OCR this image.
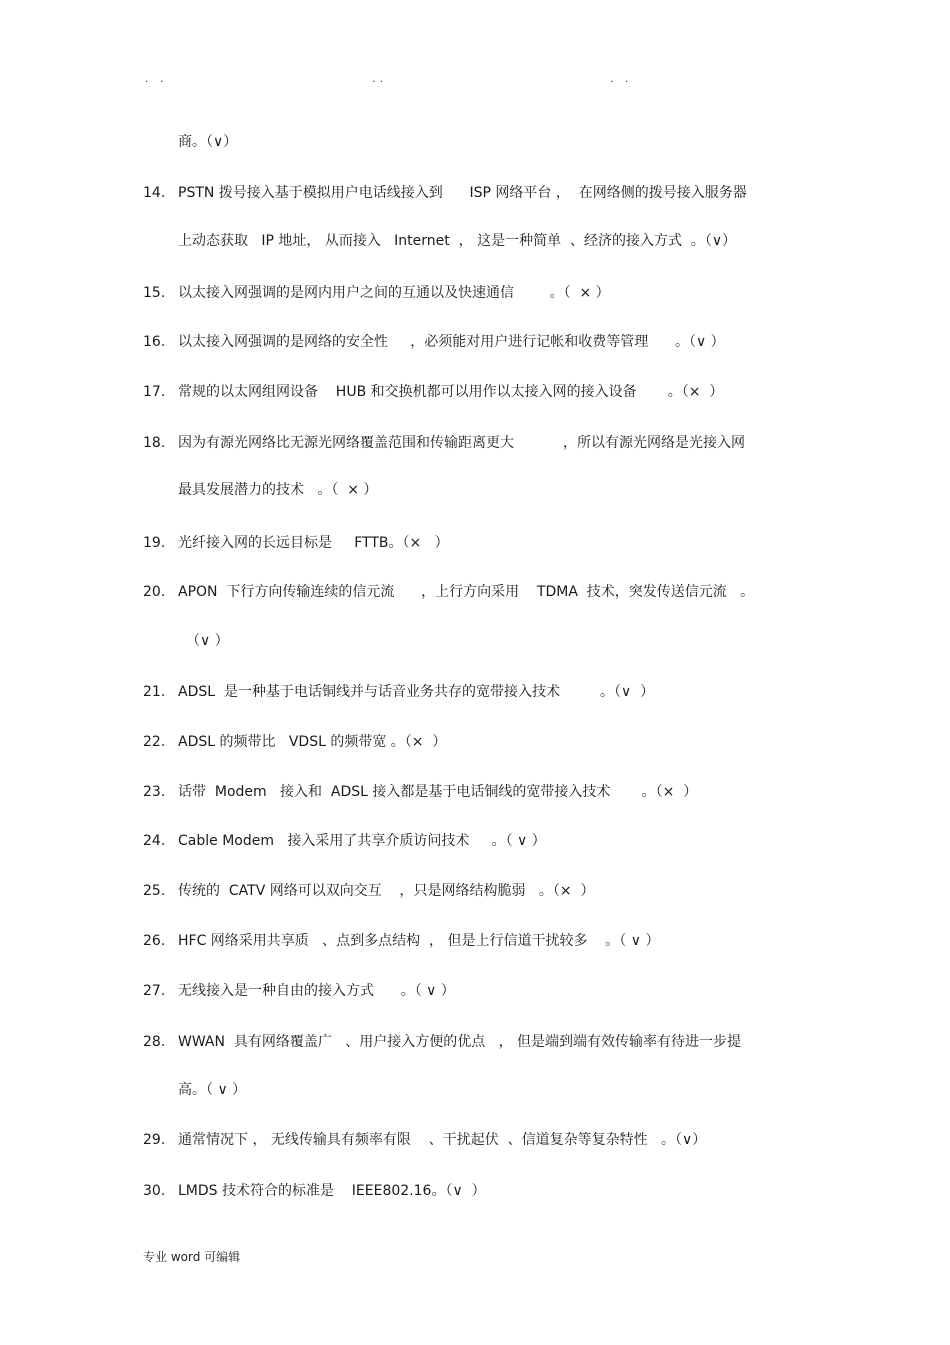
. .	..	. .
商。（∨）
14. PSTN 拨号接入基于模拟用户电话线接入到      ISP 网络平台 ，  在网络侧的拨号接入服务器
上动态获取   IP 地址， 从而接入   Internet  ， 这是一种简单  、经济的接入方式  。（∨）
15. 以太接入网强调的是网内用户之间的互通以及快速通信        。（  × ）
16. 以太接入网强调的是网络的安全性     ，必须能对用户进行记帐和收费等管理      。（∨ ）
17. 常规的以太网组网设备    HUB 和交换机都可以用作以太接入网的接入设备       。（×  ）
18. 因为有源光网络比无源光网络覆盖范围和传输距离更大           ，所以有源光网络是光接入网
最具发展潜力的技术   。（  × ）
19. 光纤接入网的长远目标是     FTTB。（×   ）
20. APON  下行方向传输连续的信元流      ，上行方向采用    TDMA  技术，突发传送信元流   。
（∨ ）
21. ADSL  是一种基于电话铜线并与话音业务共存的宽带接入技术         。（∨  ）
22. ADSL 的频带比   VDSL 的频带宽 。（×  ）
23. 话带  Modem   接入和  ADSL 接入都是基于电话铜线的宽带接入技术       。（×  ）
24. Cable Modem   接入采用了共享介质访问技术     。（ ∨ ）
25. 传统的  CATV 网络可以双向交互    ，只是网络结构脆弱   。（×  ）
26. HFC 网络采用共享质   、点到多点结构  ， 但是上行信道干扰较多    。（ ∨ ）
27. 无线接入是一种自由的接入方式      。（ ∨ ）
28. WWAN  具有网络覆盖广   、用户接入方便的优点   ， 但是端到端有效传输率有待进一步提
高。（ ∨ ）
29. 通常情况下 ， 无线传输具有频率有限    、干扰起伏  、信道复杂等复杂特性   。（∨）
30. LMDS 技术符合的标准是    IEEE802.16。（∨  ）
专业 word 可编辑
